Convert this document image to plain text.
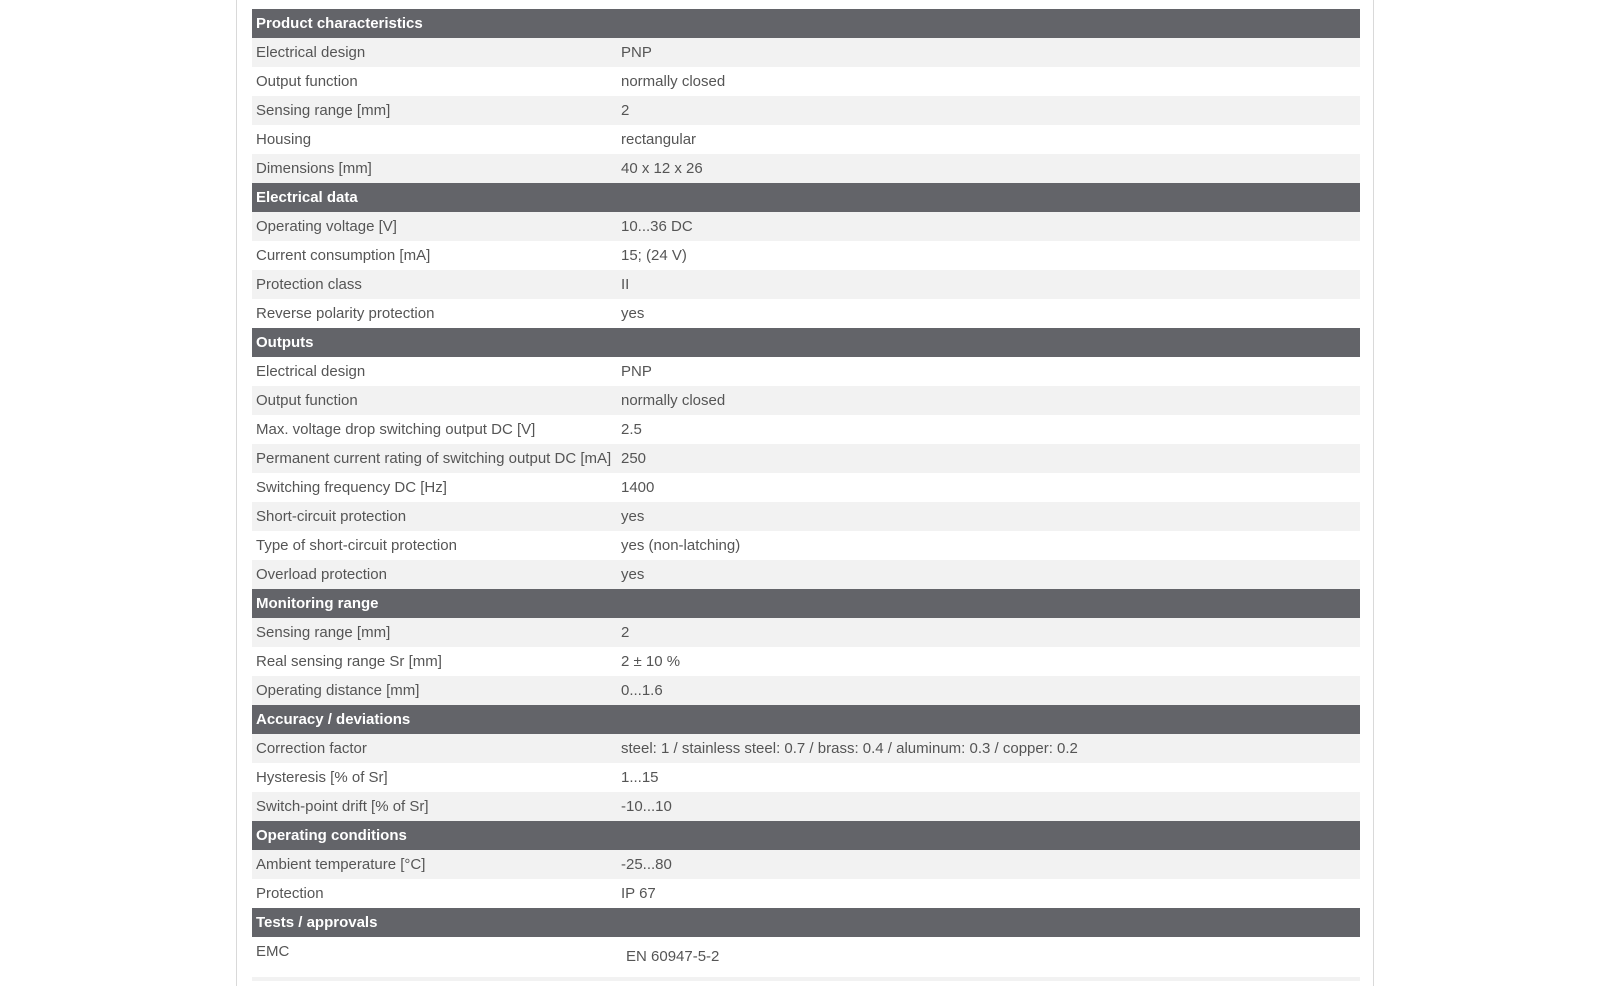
Product characteristics
Electrical design	PNP
Output function	normally closed
Sensing range [mm]	2
Housing	rectangular
Dimensions [mm]	40 x 12 x 26
Electrical data
Operating voltage [V]	10...36 DC
Current consumption [mA]	15; (24 V)
Protection class	II
Reverse polarity protection	yes
Outputs
Electrical design	PNP
Output function	normally closed
Max. voltage drop switching output DC [V]	2.5
Permanent current rating of switching output DC [mA] 250
Switching frequency DC [Hz]	1400
Short-circuit protection	yes
Type of short-circuit protection	yes (non-latching)
Overload protection	yes
Monitoring range
Sensing range [mm]	2
Real sensing range Sr [mm]	2 ± 10 %
Operating distance [mm]	0...1.6
Accuracy / deviations
Correction factor	steel: 1 / stainless steel: 0.7 / brass: 0.4 / aluminum: 0.3 / copper: 0.2
Hysteresis [% of Sr]	1...15
Switch-point drift [% of Sr]	-10...10
Operating conditions
Ambient temperature [°C]	-25...80
Protection	IP 67
Tests / approvals
EMC	EN 60947-5-2
